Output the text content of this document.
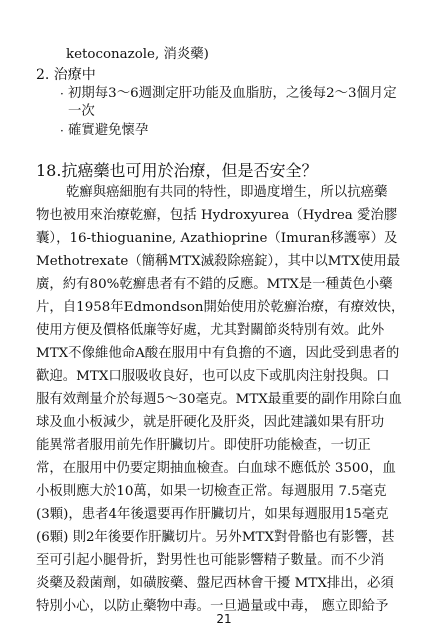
ketoconazole, 消炎藥)
2. 治療中
· 初期每3～6週測定肝功能及血脂肪，之後每2～3個月定
一次
· 確實避免懷孕
18.抗癌藥也可用於治療，但是否安全？
乾癬與癌細胞有共同的特性，即過度增生，所以抗癌藥
物也被用來治療乾癬，包括 Hydroxyurea（Hydrea 愛治膠
囊），16-thioguanine, Azathioprine（Imuran移護寧）及
Methotrexate（簡稱MTX滅殺除癌錠），其中以MTX使用最
廣，約有80%乾癬患者有不錯的反應。MTX是一種黃色小藥
片，自1958年Edmondson開始使用於乾癬治療，有療效快，
使用方便及價格低廉等好處，尤其對關節炎特別有效。此外
MTX不像維他命A酸在服用中有負擔的不適，因此受到患者的
歡迎。MTX口服吸收良好，也可以皮下或肌肉注射投與。口
服有效劑量介於每週5～30毫克。MTX最重要的副作用除白血
球及血小板減少，就是肝硬化及肝炎，因此建議如果有肝功
能異常者服用前先作肝臟切片。即使肝功能檢查，一切正
常，在服用中仍要定期抽血檢查。白血球不應低於 3500，血
小板則應大於10萬，如果一切檢查正常。每週服用 7.5毫克
(3顆)，患者4年後還要再作肝臟切片，如果每週服用15毫克
(6顆) 則2年後要作肝臟切片。另外MTX對骨骼也有影響，甚
至可引起小腿骨折，對男性也可能影響精子數量。而不少消
炎藥及殺菌劑，如磺胺藥、盤尼西林會干擾 MTX排出，必須
特別小心，以防止藥物中毒。一旦過量或中毒， 應立即給予
21
